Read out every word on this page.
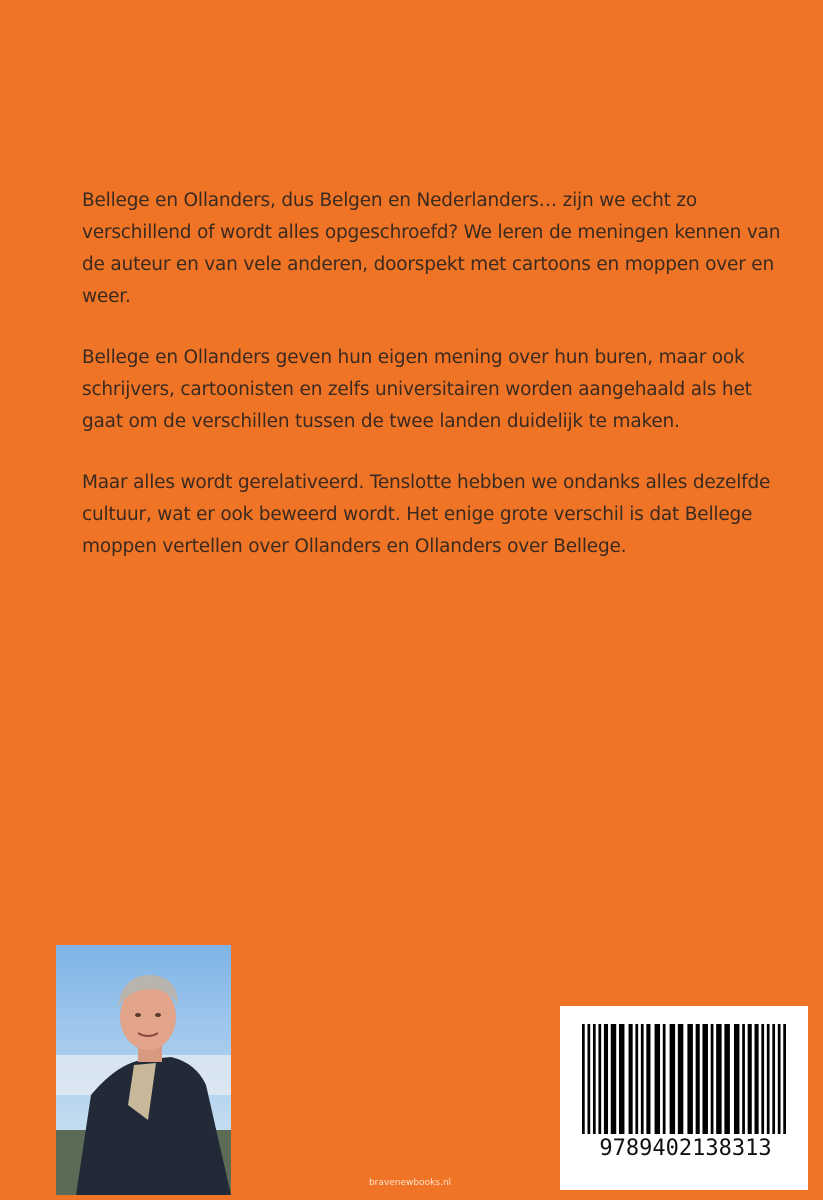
Bellege en Ollanders, dus Belgen en Nederlanders… zijn we echt zo verschillend of wordt alles opgeschroefd? We leren de meningen kennen van de auteur en van vele anderen, doorspekt met cartoons en moppen over en weer.

Bellege en Ollanders geven hun eigen mening over hun buren, maar ook schrijvers, cartoonisten en zelfs universitairen worden aangehaald als het gaat om de verschillen tussen de twee landen duidelijk te maken.

Maar alles wordt gerelativeerd. Tenslotte hebben we ondanks alles dezelfde cultuur, wat er ook beweerd wordt. Het enige grote verschil is dat Bellege moppen vertellen over Ollanders en Ollanders over Bellege.

bravenewbooks.nl
9789402138313
